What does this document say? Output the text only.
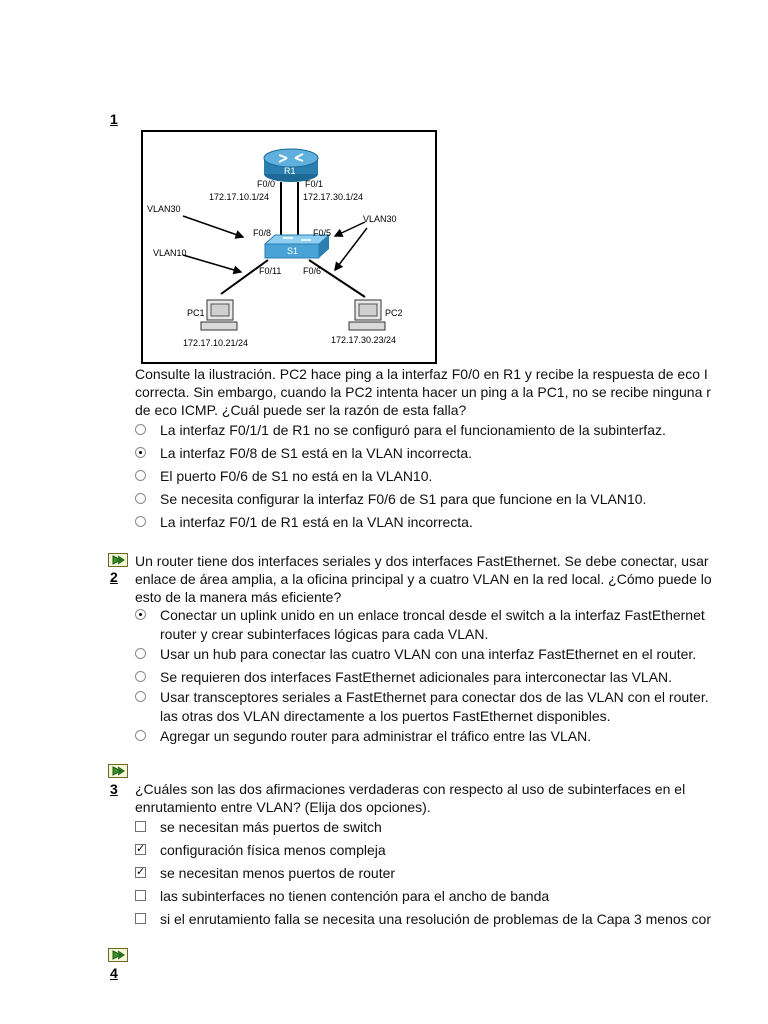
1
R1
F0/0	F0/1
172.17.10.1/24	172.17.30.1/24
VLAN30
VLAN30
F0/8	F0/5
VLAN10	S1
F0/11 F0/6
PC1	PC2
172.17.10.21/24	172.17.30.23/24
Consulte la ilustración. PC2 hace ping a la interfaz F0/0 en R1 y recibe la respuesta de eco I
correcta. Sin embargo, cuando la PC2 intenta hacer un ping a la PC1, no se recibe ninguna r
de eco ICMP. ¿Cuál puede ser la razón de esta falla?
La interfaz F0/1/1 de R1 no se configuró para el funcionamiento de la subinterfaz.
La interfaz F0/8 de S1 está en la VLAN incorrecta.
El puerto F0/6 de S1 no está en la VLAN10.
Se necesita configurar la interfaz F0/6 de S1 para que funcione en la VLAN10.
La interfaz F0/1 de R1 está en la VLAN incorrecta.
2
Un router tiene dos interfaces seriales y dos interfaces FastEthernet. Se debe conectar, usar
enlace de área amplia, a la oficina principal y a cuatro VLAN en la red local. ¿Cómo puede lo
esto de la manera más eficiente?
Conectar un uplink unido en un enlace troncal desde el switch a la interfaz FastEthernet
router y crear subinterfaces lógicas para cada VLAN.
Usar un hub para conectar las cuatro VLAN con una interfaz FastEthernet en el router.
Se requieren dos interfaces FastEthernet adicionales para interconectar las VLAN.
Usar transceptores seriales a FastEthernet para conectar dos de las VLAN con el router.
las otras dos VLAN directamente a los puertos FastEthernet disponibles.
Agregar un segundo router para administrar el tráfico entre las VLAN.
3 ¿Cuáles son las dos afirmaciones verdaderas con respecto al uso de subinterfaces en el
enrutamiento entre VLAN? (Elija dos opciones).
se necesitan más puertos de switch
✓ configuración física menos compleja
✓ se necesitan menos puertos de router
las subinterfaces no tienen contención para el ancho de banda
si el enrutamiento falla se necesita una resolución de problemas de la Capa 3 menos cor
4
